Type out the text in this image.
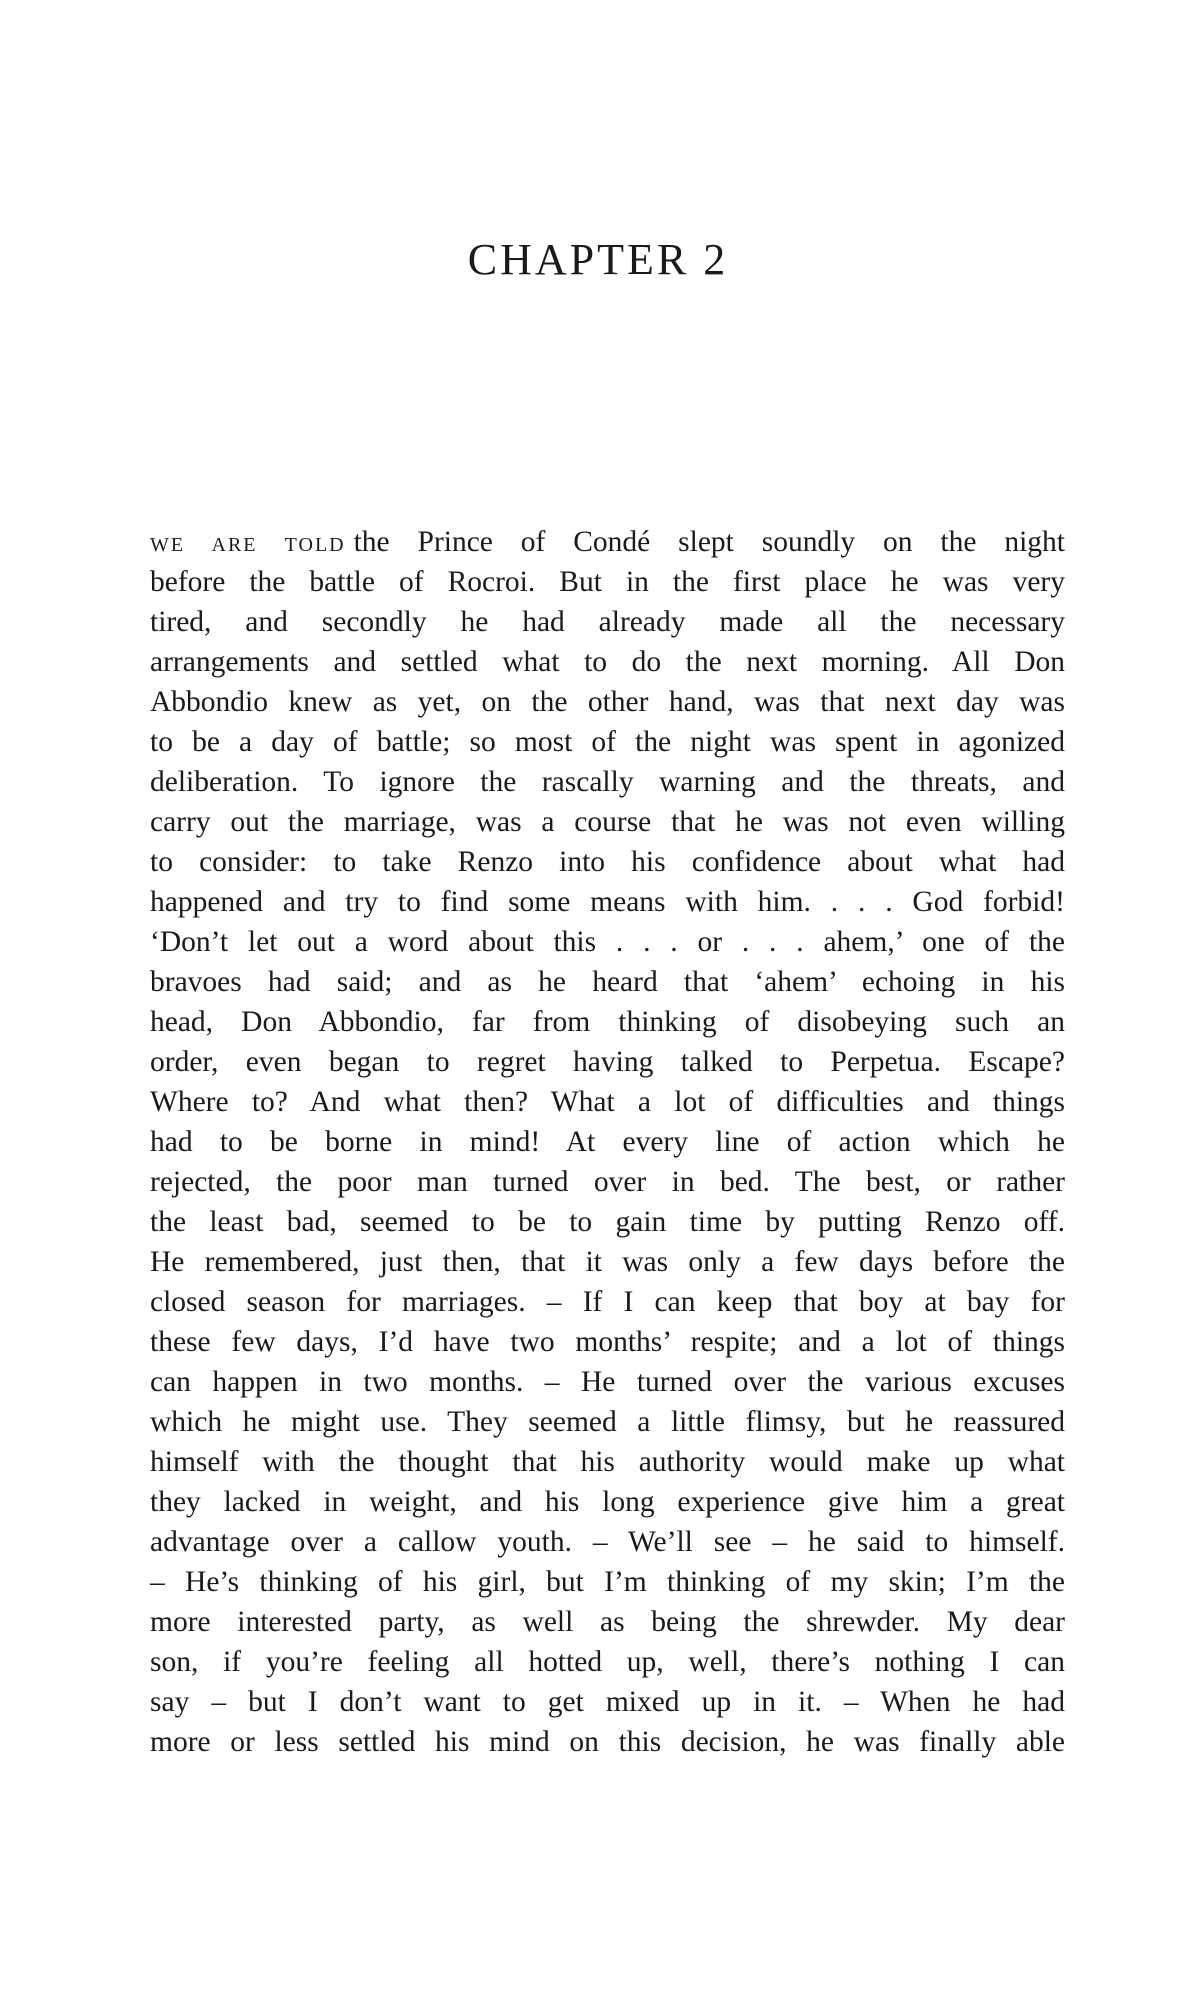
CHAPTER 2
WE ARE TOLD the Prince of Condé slept soundly on the night
before the battle of Rocroi. But in the first place he was very
tired, and secondly he had already made all the necessary
arrangements and settled what to do the next morning. All Don
Abbondio knew as yet, on the other hand, was that next day was
to be a day of battle; so most of the night was spent in agonized
deliberation. To ignore the rascally warning and the threats, and
carry out the marriage, was a course that he was not even willing
to consider: to take Renzo into his confidence about what had
happened and try to find some means with him. . . . God forbid!
‘Don’t let out a word about this . . . or . . . ahem,’ one of the
bravoes had said; and as he heard that ‘ahem’ echoing in his
head, Don Abbondio, far from thinking of disobeying such an
order, even began to regret having talked to Perpetua. Escape?
Where to? And what then? What a lot of difficulties and things
had to be borne in mind! At every line of action which he
rejected, the poor man turned over in bed. The best, or rather
the least bad, seemed to be to gain time by putting Renzo off.
He remembered, just then, that it was only a few days before the
closed season for marriages. – If I can keep that boy at bay for
these few days, I’d have two months’ respite; and a lot of things
can happen in two months. – He turned over the various excuses
which he might use. They seemed a little flimsy, but he reassured
himself with the thought that his authority would make up what
they lacked in weight, and his long experience give him a great
advantage over a callow youth. – We’ll see – he said to himself.
– He’s thinking of his girl, but I’m thinking of my skin; I’m the
more interested party, as well as being the shrewder. My dear
son, if you’re feeling all hotted up, well, there’s nothing I can
say – but I don’t want to get mixed up in it. – When he had
more or less settled his mind on this decision, he was finally able
